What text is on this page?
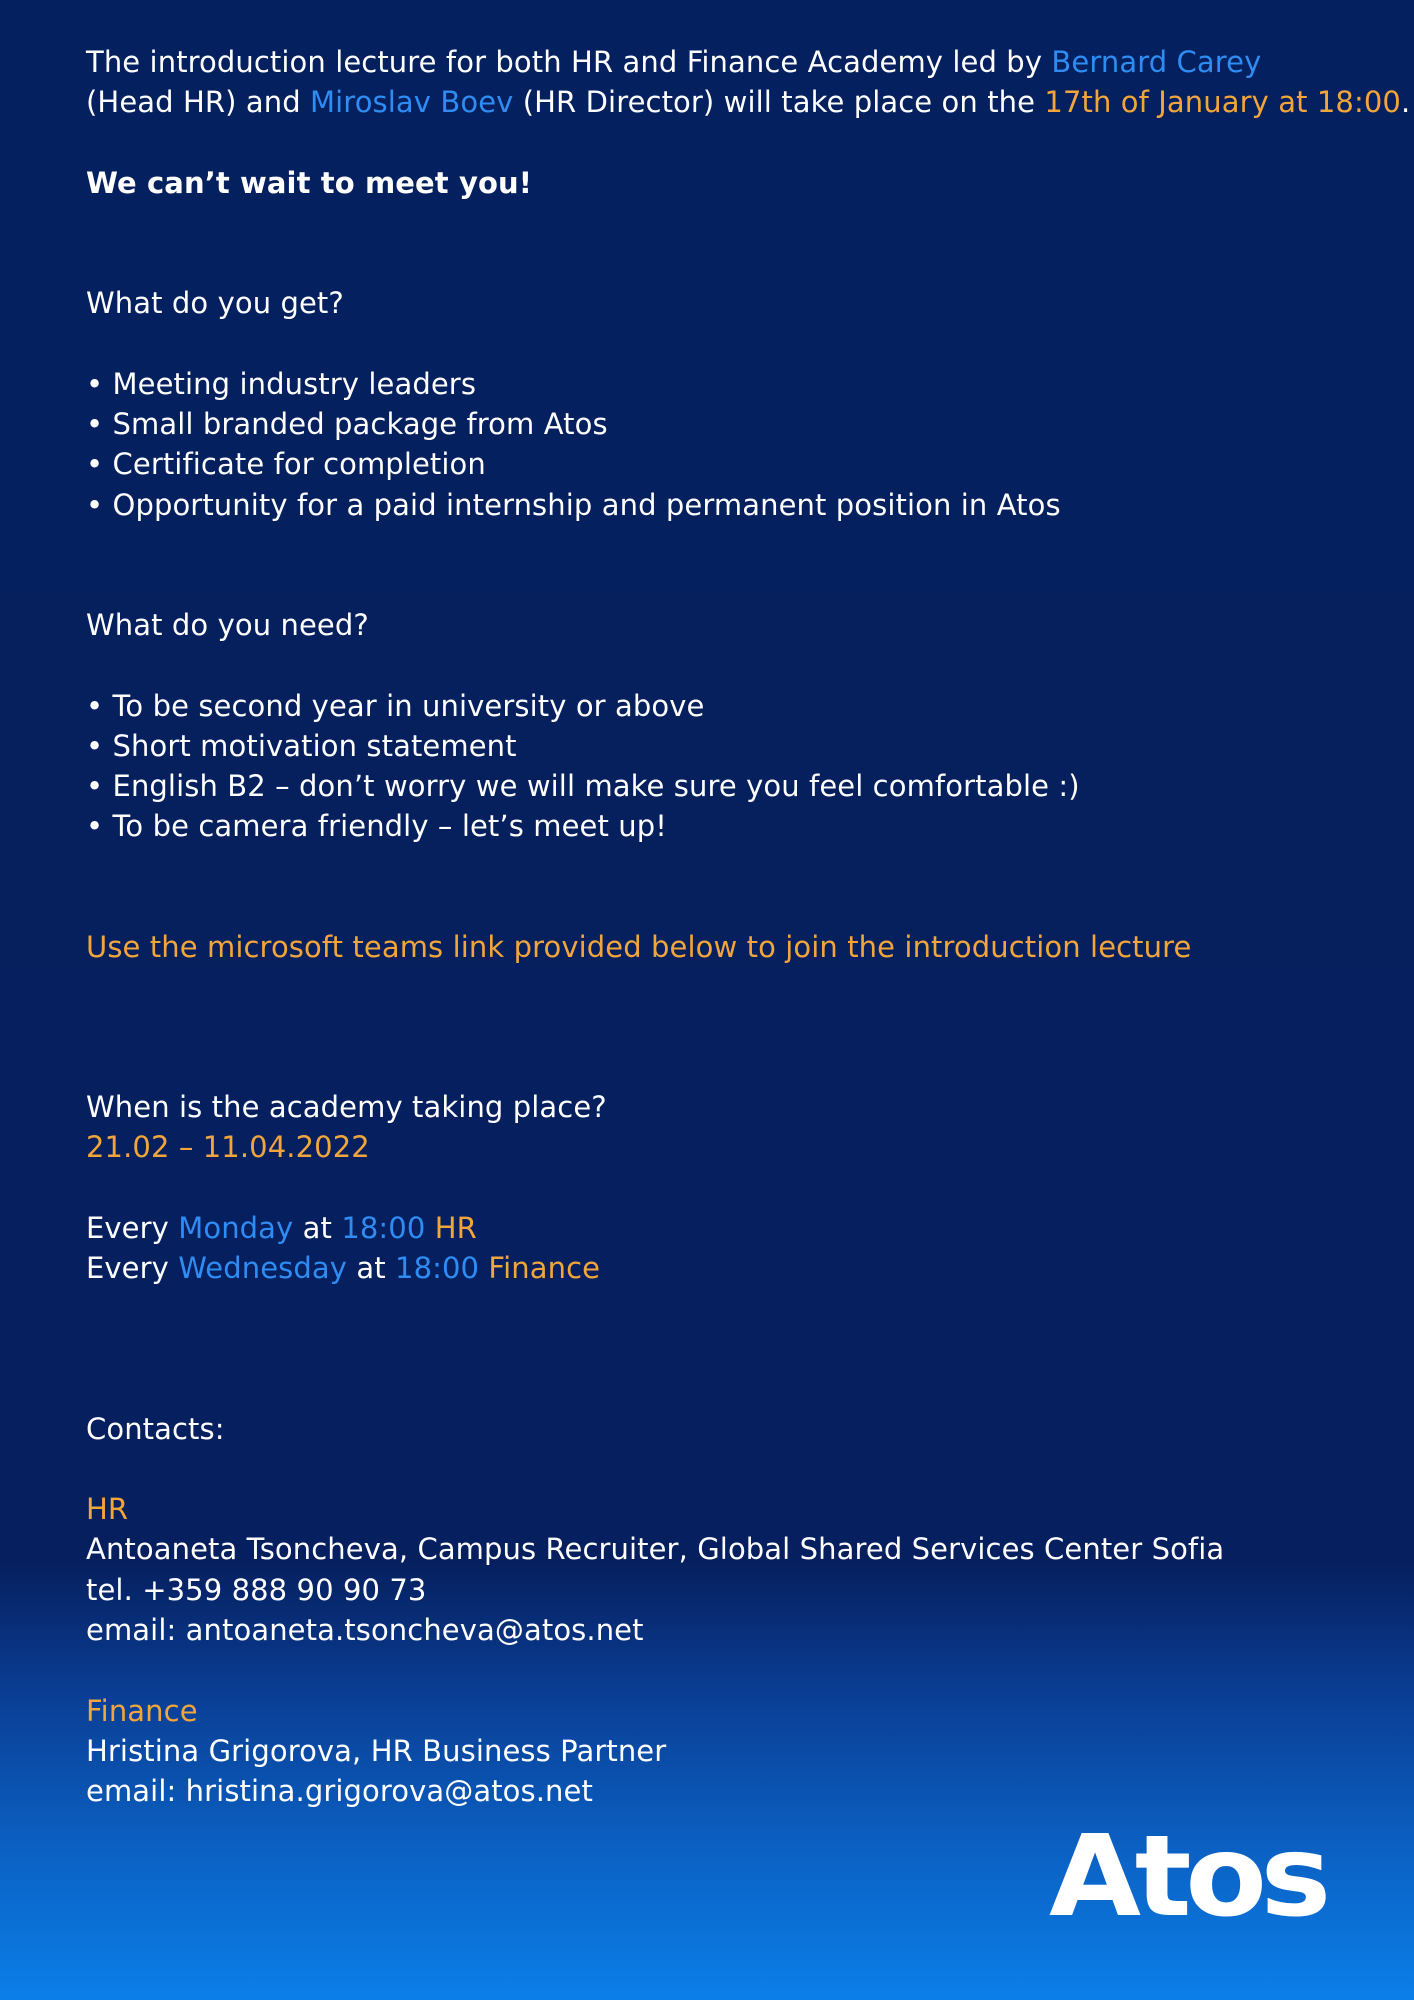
The introduction lecture for both HR and Finance Academy led by Bernard Carey
(Head HR) and Miroslav Boev (HR Director) will take place on the 17th of January at 18:00.
We can’t wait to meet you!
What do you get?
• Meeting industry leaders
• Small branded package from Atos
• Certificate for completion
• Opportunity for a paid internship and permanent position in Atos
What do you need?
• To be second year in university or above
• Short motivation statement
• English B2 – don’t worry we will make sure you feel comfortable :)
• To be camera friendly – let’s meet up!
Use the microsoft teams link provided below to join the introduction lecture
When is the academy taking place?
21.02 – 11.04.2022
Every Monday at 18:00 HR
Every Wednesday at 18:00 Finance
Contacts:
HR
Antoaneta Tsoncheva, Campus Recruiter, Global Shared Services Center Sofia
tel. +359 888 90 90 73
email: antoaneta.tsoncheva@atos.net
Finance
Hristina Grigorova, HR Business Partner
email: hristina.grigorova@atos.net
Atos
